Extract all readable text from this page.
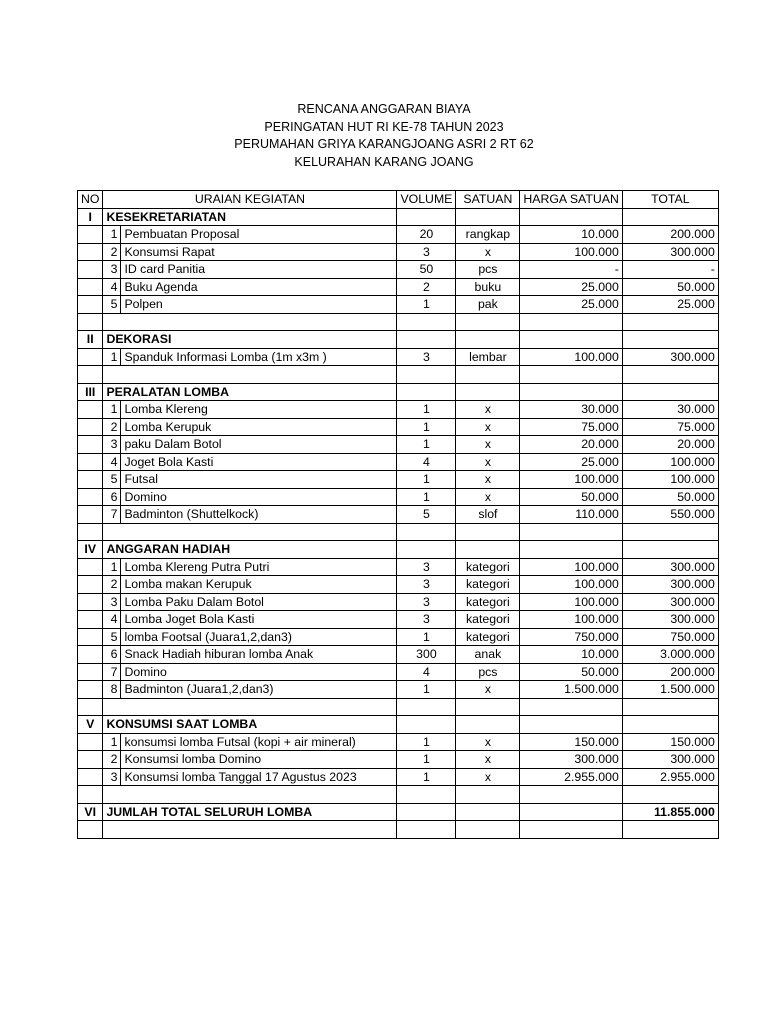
RENCANA ANGGARAN BIAYA
PERINGATAN HUT RI KE-78 TAHUN 2023
PERUMAHAN GRIYA KARANGJOANG ASRI 2 RT 62
KELURAHAN KARANG JOANG
NO	URAIAN KEGIATAN		VOLUME	SATUAN	HARGA SATUAN	TOTAL
I	KESEKRETARIATAN					
	1	Pembuatan Proposal	20	rangkap	10.000	200.000
	2	Konsumsi Rapat	3	x	100.000	300.000
	3	ID card Panitia	50	pcs	-	-
	4	Buku Agenda	2	buku	25.000	50.000
	5	Polpen	1	pak	25.000	25.000

II	DEKORASI					
	1	Spanduk Informasi Lomba (1m x3m )	3	lembar	100.000	300.000

III	PERALATAN LOMBA					
	1	Lomba Klereng	1	x	30.000	30.000
	2	Lomba Kerupuk	1	x	75.000	75.000
	3	paku Dalam Botol	1	x	20.000	20.000
	4	Joget Bola Kasti	4	x	25.000	100.000
	5	Futsal	1	x	100.000	100.000
	6	Domino	1	x	50.000	50.000
	7	Badminton (Shuttelkock)	5	slof	110.000	550.000

IV	ANGGARAN HADIAH					
	1	Lomba Klereng Putra Putri	3	kategori	100.000	300.000
	2	Lomba makan Kerupuk	3	kategori	100.000	300.000
	3	Lomba Paku Dalam Botol	3	kategori	100.000	300.000
	4	Lomba Joget Bola Kasti	3	kategori	100.000	300.000
	5	lomba Footsal (Juara1,2,dan3)	1	kategori	750.000	750.000
	6	Snack Hadiah hiburan lomba Anak	300	anak	10.000	3.000.000
	7	Domino	4	pcs	50.000	200.000
	8	Badminton (Juara1,2,dan3)	1	x	1.500.000	1.500.000

V	KONSUMSI SAAT LOMBA					
	1	konsumsi lomba Futsal (kopi + air mineral)	1	x	150.000	150.000
	2	Konsumsi lomba Domino	1	x	300.000	300.000
	3	Konsumsi lomba Tanggal 17 Agustus 2023	1	x	2.955.000	2.955.000

VI	JUMLAH TOTAL SELURUH LOMBA					11.855.000
